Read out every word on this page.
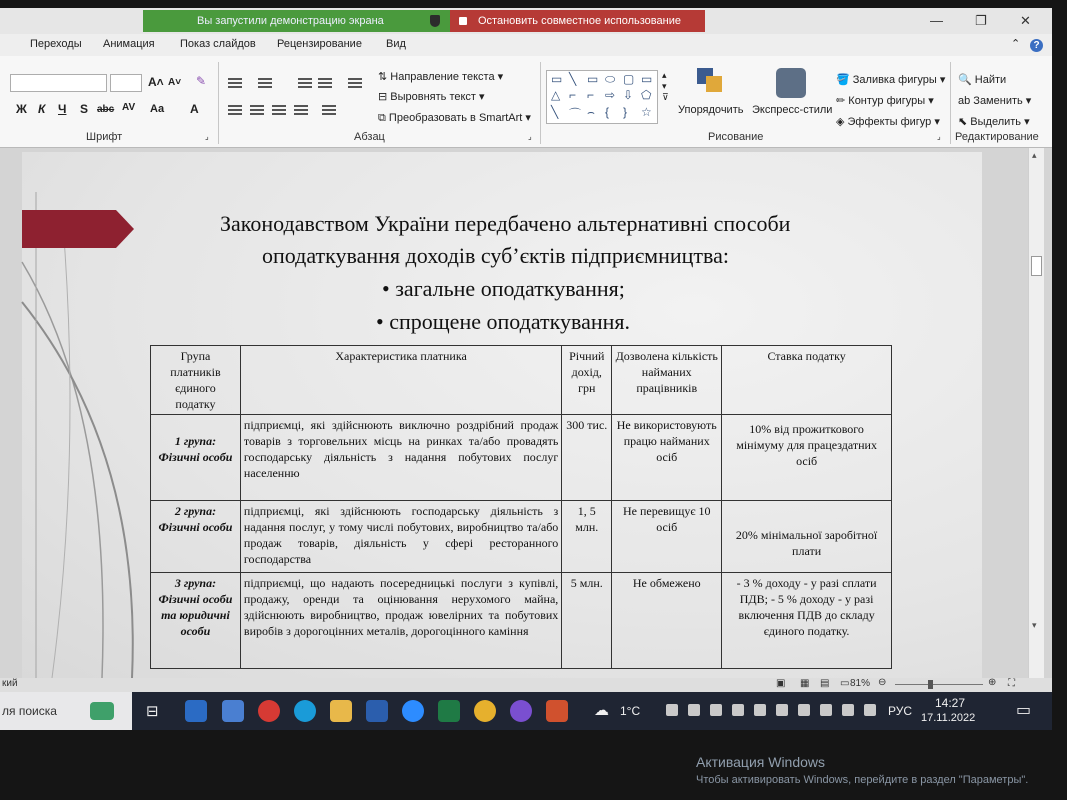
Вы запустили демонстрацию экрана	Остановить совместное использование	— ❐	✕
Переходы Анимация Показ слайдов Рецензирование Вид	⌃	?
A˄ A˅ ✎
Ж К Ч S abc AV Aa A
Шрифт	⌟
⇅ Направление текста ▾
⊟ Выровнять текст ▾
⧉ Преобразовать в SmartArt ▾
Абзац	⌟
▭ ╲ ▭ ⬭ ▢ ▭
△ ⌐ ⌐ ⇨ ⇩ ⬠
╲ ⌒ ⌢ { } ☆
▴
▾
⊽
Упорядочить Экспресс-стили
🪣 Заливка фигуры ▾
✏ Контур фигуры ▾
◈ Эффекты фигур ▾
Рисование	⌟
🔍 Найти
ab Заменить ▾
⬉ Выделить ▾
Редактирование
Законодавством України передбачено альтернативні способи
оподаткування доходів суб’єктів підприємництва:
• загальне оподаткування;
• спрощене оподаткування.
Група платників єдиного податку	Характеристика платника	Річний дохід, грн	Дозволена кількість найманих працівників	Ставка податку
1 група: Фізичні особи	підприємці, які здійснюють виключно роздрібний продаж товарів з торговельних місць на ринках та/або провадять господарську діяльність з надання побутових послуг населенню	300 тис.	Не використовують працю найманих осіб	10% від прожиткового мінімуму для працездатних осіб
2 група: Фізичні особи	підприємці, які здійснюють господарську діяльність з надання послуг, у тому числі побутових, виробництво та/або продаж товарів, діяльність у сфері ресторанного господарства	1, 5 млн.	Не перевищує 10 осіб	20% мінімальної заробітної плати
3 група: Фізичні особи та юридичні особи	підприємці, що надають посередницькі послуги з купівлі, продажу, оренди та оцінювання нерухомого майна, здійснюють виробництво, продаж ювелірних та побутових виробів з дорогоцінних металів, дорогоцінного каміння	5 млн.	Не обмежено	- 3 % доходу - у разі сплати ПДВ; - 5 % доходу - у разі включення ПДВ до складу єдиного податку.
Активация Windows
Чтобы активировать Windows, перейдите в раздел "Параметры".
▴
▾
кий	▣ ▦ ▤ ▭ 81% ⊖	⊕ ⛶
ля поиска	⊟	☁ 1°C	РУС
14:27
17.11.2022	▭
